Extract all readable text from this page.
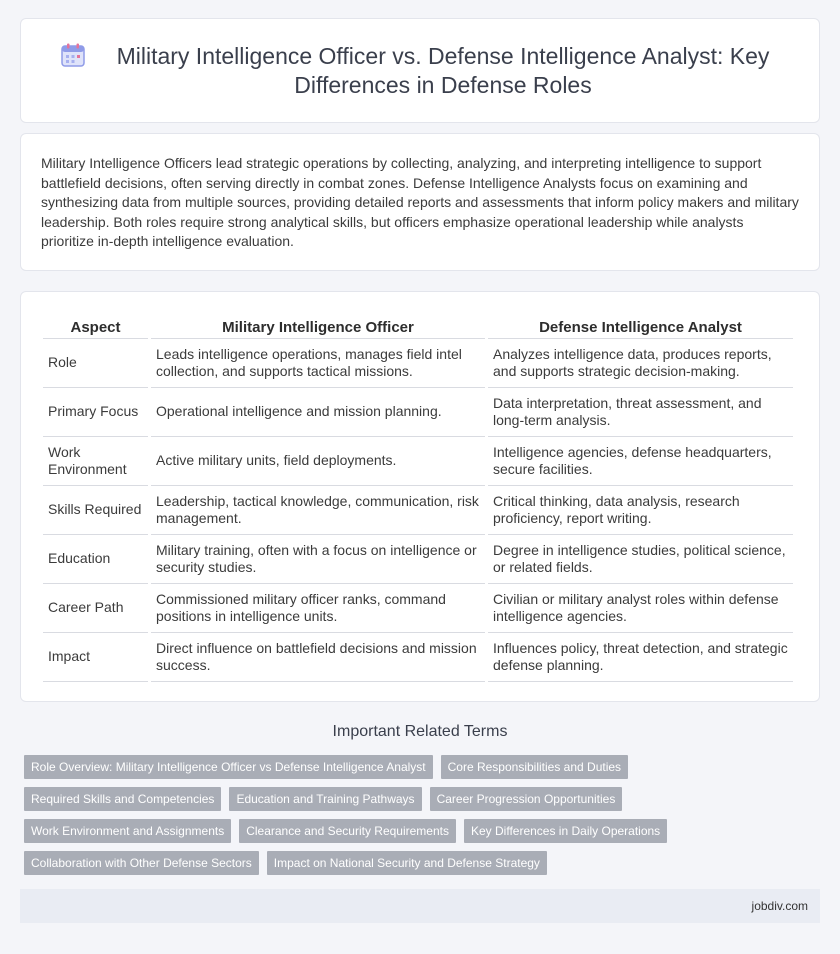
Military Intelligence Officer vs. Defense Intelligence Analyst: Key Differences in Defense Roles

Military Intelligence Officers lead strategic operations by collecting, analyzing, and interpreting intelligence to support battlefield decisions, often serving directly in combat zones. Defense Intelligence Analysts focus on examining and synthesizing data from multiple sources, providing detailed reports and assessments that inform policy makers and military leadership. Both roles require strong analytical skills, but officers emphasize operational leadership while analysts prioritize in-depth intelligence evaluation.

Aspect	Military Intelligence Officer	Defense Intelligence Analyst
Role	Leads intelligence operations, manages field intel collection, and supports tactical missions.	Analyzes intelligence data, produces reports, and supports strategic decision-making.
Primary Focus	Operational intelligence and mission planning.	Data interpretation, threat assessment, and long-term analysis.
Work Environment	Active military units, field deployments.	Intelligence agencies, defense headquarters, secure facilities.
Skills Required	Leadership, tactical knowledge, communication, risk management.	Critical thinking, data analysis, research proficiency, report writing.
Education	Military training, often with a focus on intelligence or security studies.	Degree in intelligence studies, political science, or related fields.
Career Path	Commissioned military officer ranks, command positions in intelligence units.	Civilian or military analyst roles within defense intelligence agencies.
Impact	Direct influence on battlefield decisions and mission success.	Influences policy, threat detection, and strategic defense planning.
Important Related Terms
Role Overview: Military Intelligence Officer vs Defense Intelligence Analyst	Core Responsibilities and Duties
Required Skills and Competencies	Education and Training Pathways	Career Progression Opportunities
Work Environment and Assignments	Clearance and Security Requirements	Key Differences in Daily Operations
Collaboration with Other Defense Sectors	Impact on National Security and Defense Strategy
jobdiv.com
